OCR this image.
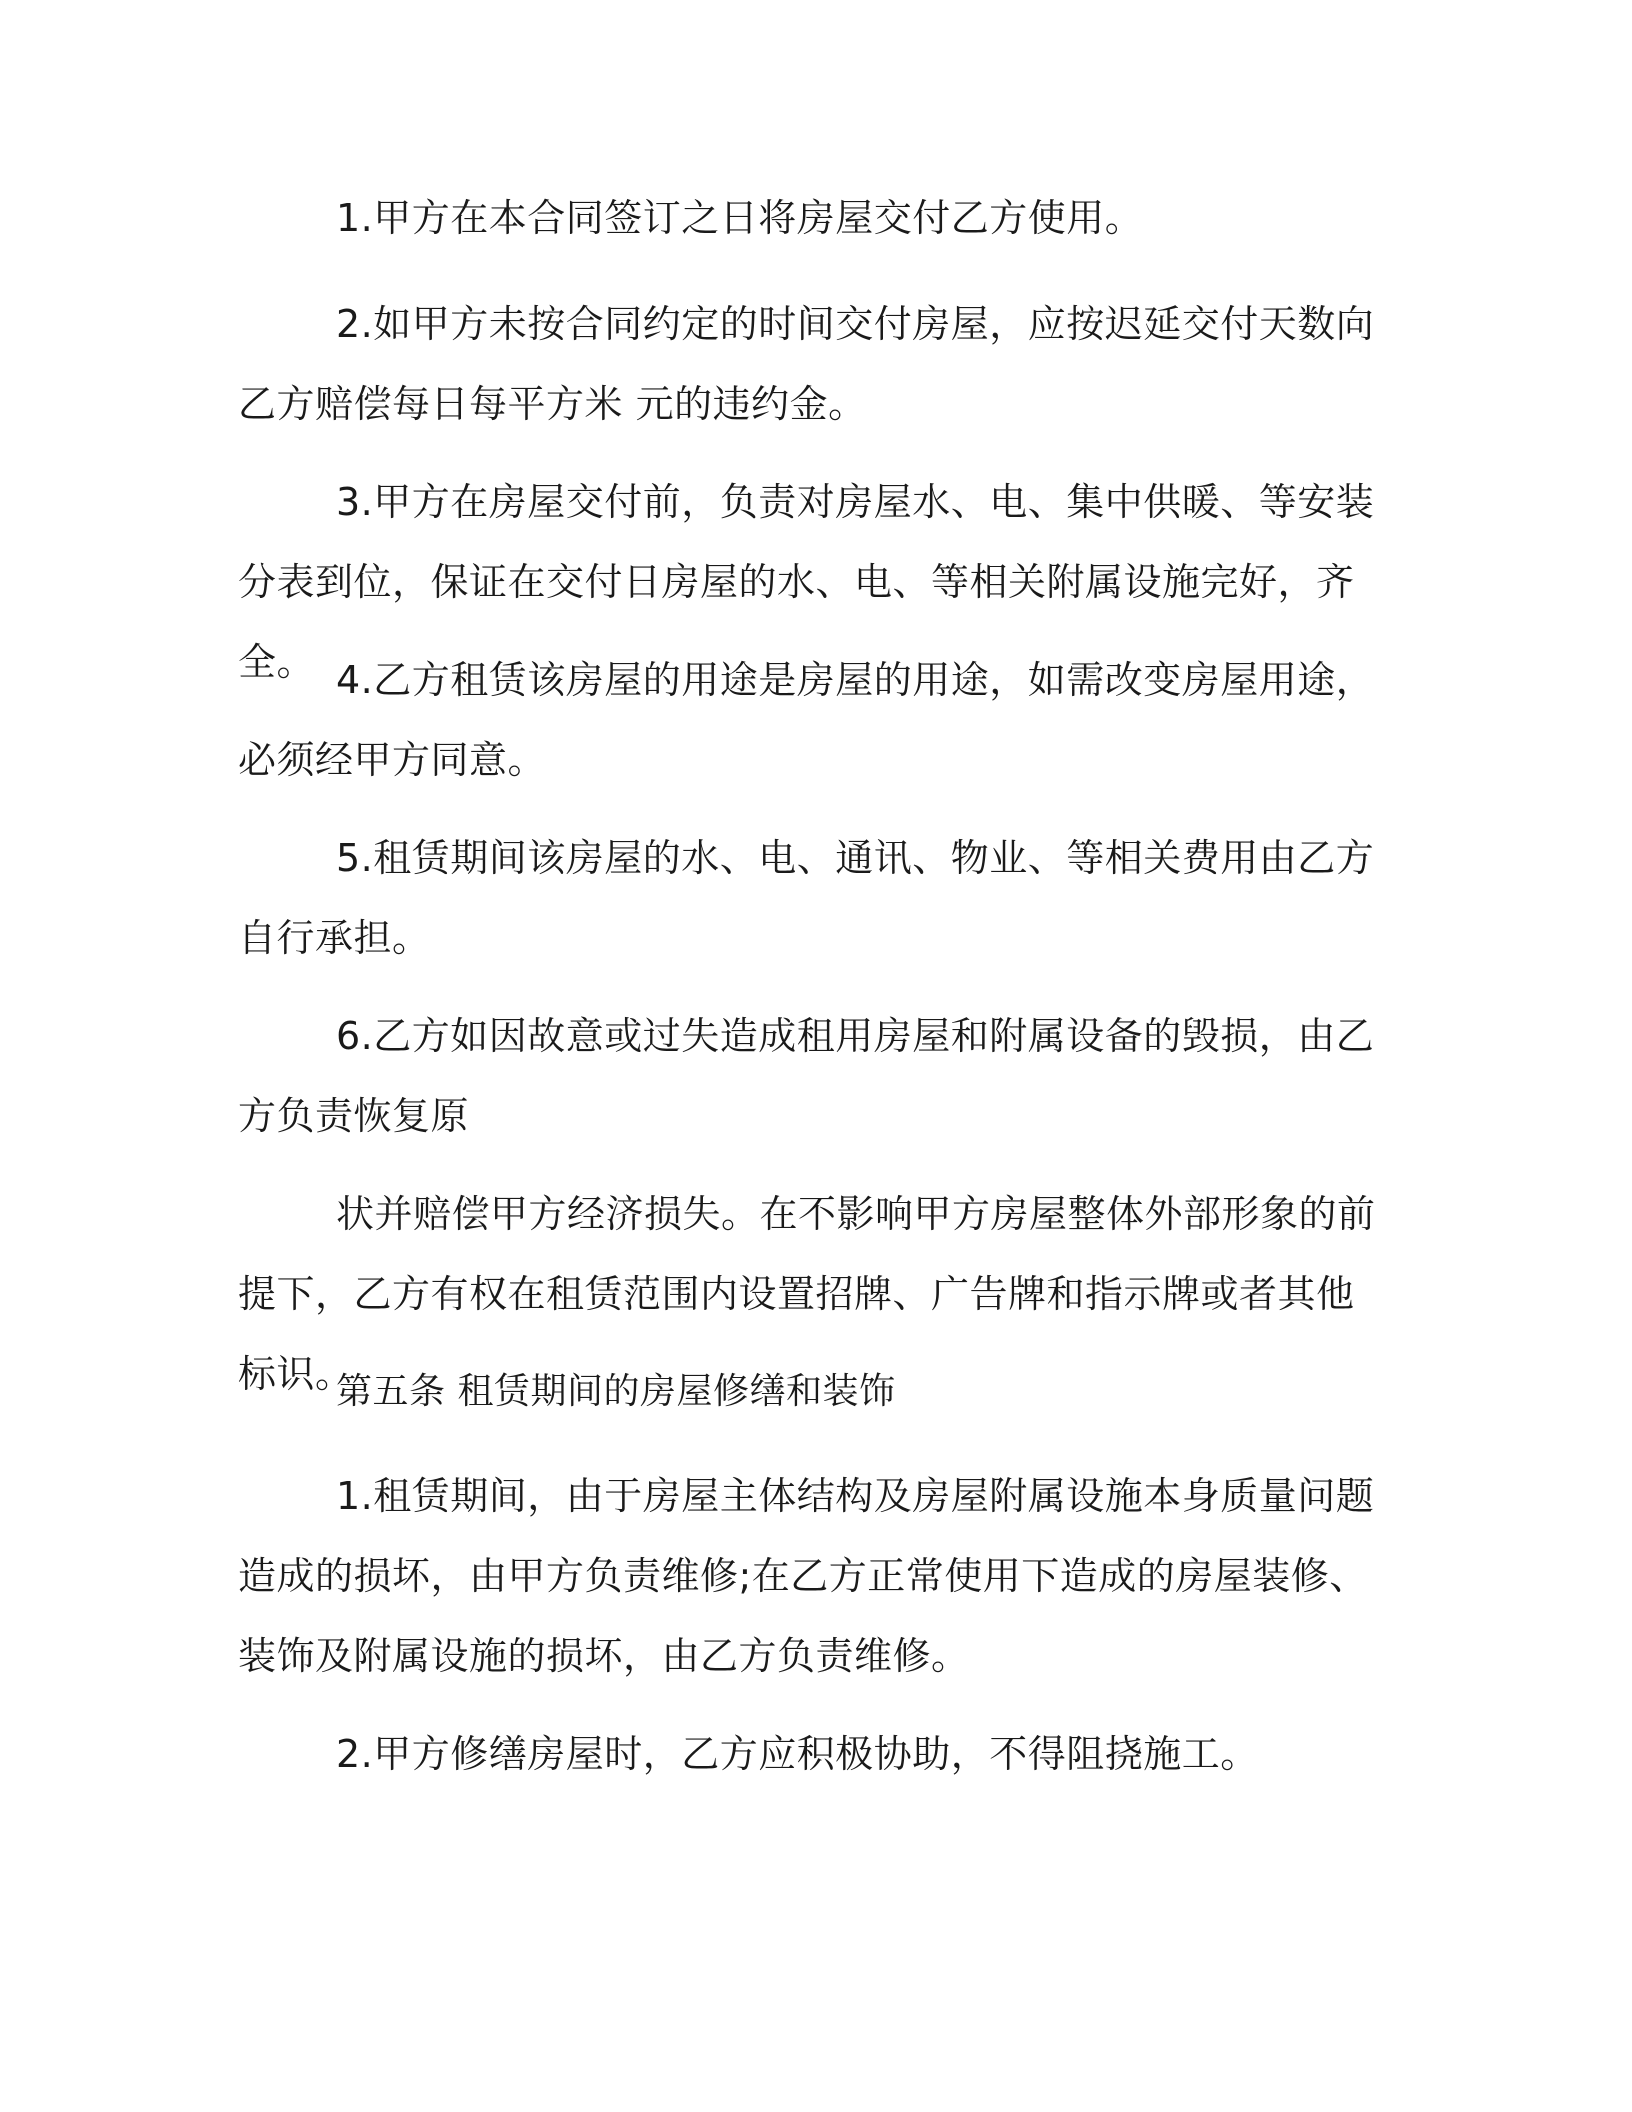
1.甲方在本合同签订之日将房屋交付乙方使用。

2.如甲方未按合同约定的时间交付房屋，应按迟延交付天数向乙方赔偿每日每平方米 元的违约金。

3.甲方在房屋交付前，负责对房屋水、电、集中供暖、等安装分表到位，保证在交付日房屋的水、电、等相关附属设施完好，齐全。 4.乙方租赁该房屋的用途是房屋的用途，如需改变房屋用途，必须经甲方同意。

5.租赁期间该房屋的水、电、通讯、物业、等相关费用由乙方自行承担。

6.乙方如因故意或过失造成租用房屋和附属设备的毁损，由乙方负责恢复原

状并赔偿甲方经济损失。在不影响甲方房屋整体外部形象的前提下，乙方有权在租赁范围内设置招牌、广告牌和指示牌或者其他标识。

第五条 租赁期间的房屋修缮和装饰

1.租赁期间，由于房屋主体结构及房屋附属设施本身质量问题造成的损坏，由甲方负责维修;在乙方正常使用下造成的房屋装修、装饰及附属设施的损坏，由乙方负责维修。

2.甲方修缮房屋时，乙方应积极协助，不得阻挠施工。
